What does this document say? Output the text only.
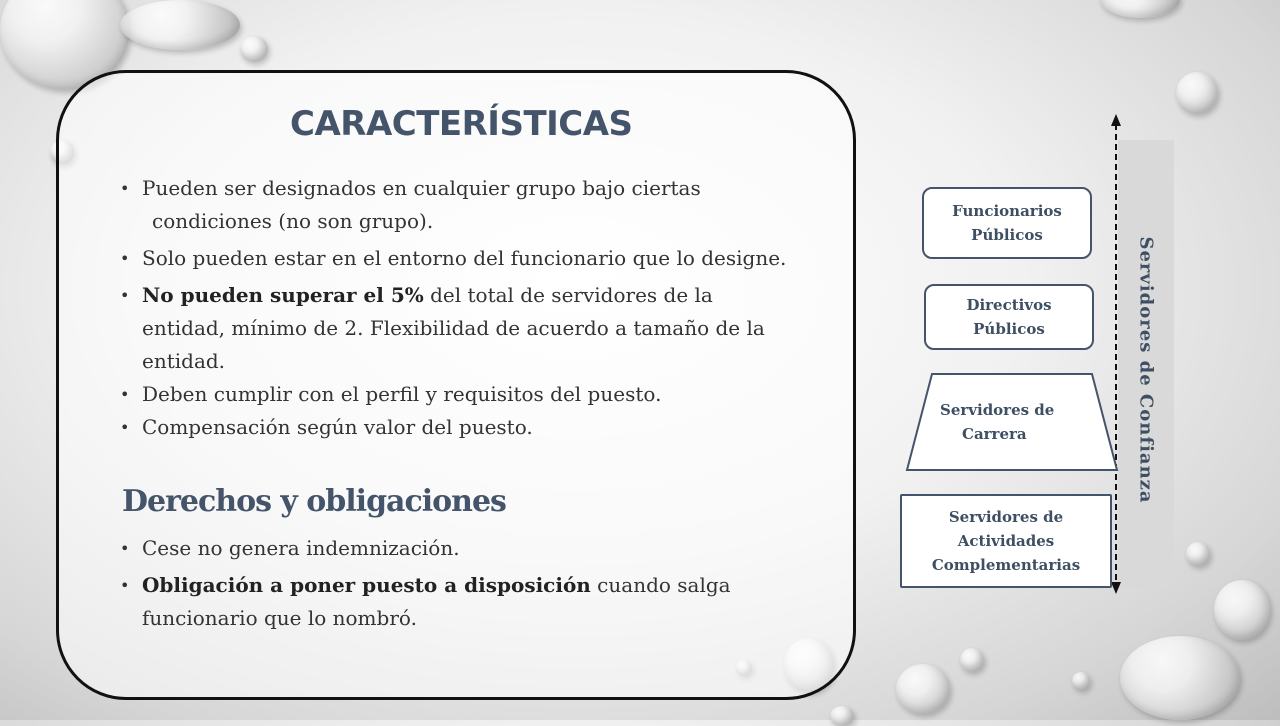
CARACTERÍSTICAS
• Pueden ser designados en cualquier grupo bajo ciertas
condiciones (no son grupo).
• Solo pueden estar en el entorno del funcionario que lo designe.
• No pueden superar el 5% del total de servidores de la entidad, mínimo de 2. Flexibilidad de acuerdo a tamaño de la entidad.
• Deben cumplir con el perfil y requisitos del puesto.
• Compensación según valor del puesto.
Derechos y obligaciones
• Cese no genera indemnización.
• Obligación a poner puesto a disposición cuando salga funcionario que lo nombró.
Funcionarios
Públicos
Directivos
Públicos
Servidores de
Carrera
Servidores de
Actividades
Complementarias
Servidores de Confianza
